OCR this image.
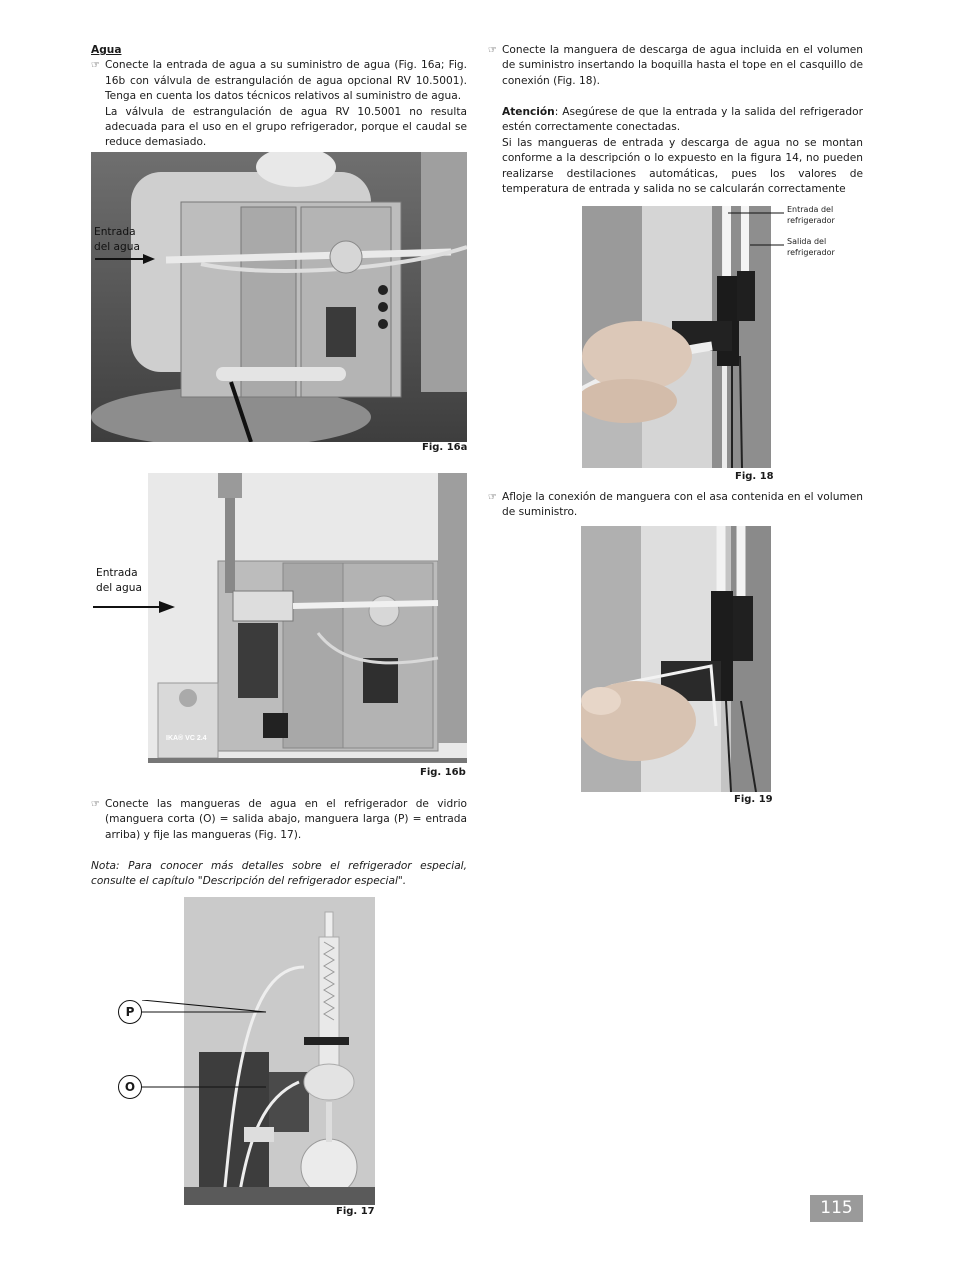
Agua
☞ Conecte la entrada de agua a su suministro de agua (Fig. 16a; Fig. 16b con válvula de estrangulación de agua opcional RV 10.5001). Tenga en cuenta los datos técnicos relativos al suministro de agua.
La válvula de estrangulación de agua RV 10.5001 no resulta adecuada para el uso en el grupo refrigerador, porque el caudal se reduce demasiado.
Entrada del agua
Fig. 16a
Entrada del agua
IKA® VC 2.4
Fig. 16b
☞ Conecte las mangueras de agua en el refrigerador de vidrio (manguera corta (O) = salida abajo, manguera larga (P) = entrada arriba) y fije las mangueras (Fig. 17).
Nota: Para conocer más detalles sobre el refrigerador especial, consulte el capítulo "Descripción del refrigerador especial".
P
O
Fig. 17
☞ Conecte la manguera de descarga de agua incluida en el volumen de suministro insertando la boquilla hasta el tope en el casquillo de conexión (Fig. 18).
Atención: Asegúrese de que la entrada y la salida del refrigerador estén correctamente conectadas.
Si las mangueras de entrada y descarga de agua no se montan conforme a la descripción o lo expuesto en la figura 14, no pueden realizarse destilaciones automáticas, pues los valores de temperatura de entrada y salida no se calcularán correctamente
Entrada del refrigerador
Salida del refrigerador
Fig. 18
☞ Afloje la conexión de manguera con el asa contenida en el volumen de suministro.
Fig. 19
115
